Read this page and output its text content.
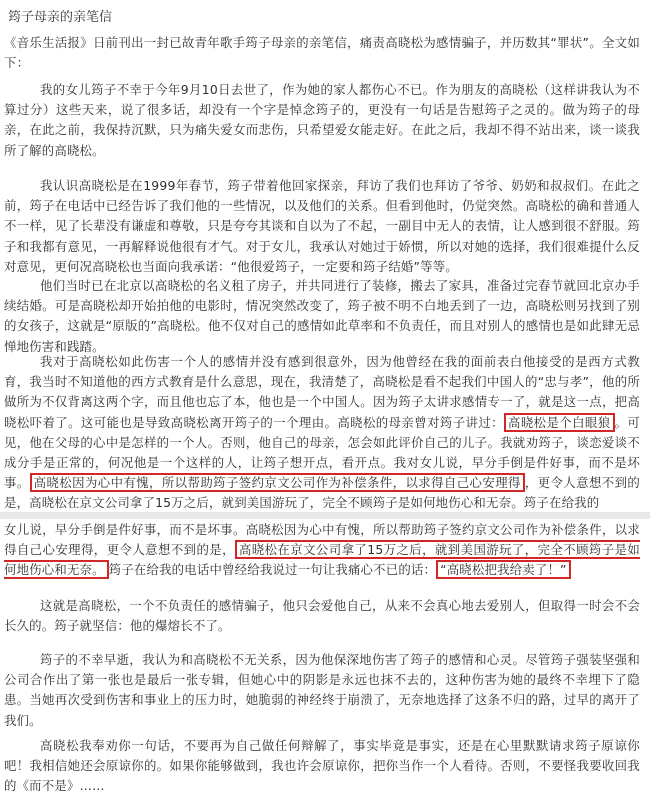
筠子母亲的亲笔信

《音乐生活报》日前刊出一封已故青年歌手筠子母亲的亲笔信，痛责高晓松为感情骗子，并历数其“罪状”。全文如下：

我的女儿筠子不幸于今年9月10日去世了，作为她的家人都伤心不已。作为朋友的高晓松（这样讲我认为不算过分）这些天来，说了很多话，却没有一个字是悼念筠子的，更没有一句话是告慰筠子之灵的。做为筠子的母亲，在此之前，我保持沉默，只为痛失爱女而悲伤，只希望爱女能走好。在此之后，我却不得不站出来，谈一谈我所了解的高晓松。

我认识高晓松是在1999年春节，筠子带着他回家探亲，拜访了我们也拜访了爷爷、奶奶和叔叔们。在此之前，筠子在电话中已经告诉了我们他的一些情况，以及他们的关系。但看到他时，仍觉突然。高晓松的确和普通人不一样，见了长辈没有谦虚和尊敬，只是夸夸其谈和自以为了不起，一副目中无人的表情，让人感到很不舒服。筠子和我都有意见，一再解释说他很有才气。对于女儿，我承认对她过于娇惯，所以对她的选择，我们很难提什么反对意见，更何况高晓松也当面向我承诺：“他很爱筠子，一定要和筠子结婚”等等。

他们当时已在北京以高晓松的名义租了房子，并共同进行了装修，搬去了家具，准备过完春节就回北京办手续结婚。可是高晓松却开始拍他的电影时，情况突然改变了，筠子被不明不白地丢到了一边，高晓松则另找到了别的女孩子，这就是“原版的”高晓松。他不仅对自己的感情如此草率和不负责任，而且对别人的感情也是如此肆无忌惮地伤害和践踏。

我对于高晓松如此伤害一个人的感情并没有感到很意外，因为他曾经在我的面前表白他接受的是西方式教育，我当时不知道他的西方式教育是什么意思，现在，我清楚了，高晓松是看不起我们中国人的“忠与孝”，他的所做所为不仅背离这两个字，而且他也忘了本，他也是一个中国人。因为筠子太讲求感情专一了，就是这一点，把高晓松吓着了。这可能也是导致高晓松离开筠子的一个理由。高晓松的母亲曾对筠子讲过： 高晓松是个白眼狼 。可见，他在父母的心中是怎样的一个人。否则，他自己的母亲，怎会如此评价自己的儿子。我就劝筠子，谈恋爱谈不成分手是正常的，何况他是一个这样的人，让筠子想开点，看开点。我对女儿说，早分手倒是件好事，而不是坏事。 高晓松因为心中有愧，所以帮助筠子签约京文公司作为补偿条件，以求得自己心安理得 ，更令人意想不到的是，高晓松在京文公司拿了15万之后，就到美国游玩了，完全不顾筠子是如何地伤心和无奈。筠子在给我的

女儿说，早分手倒是件好事，而不是坏事。高晓松因为心中有愧，所以帮助筠子签约京文公司作为补偿条件，以求得自己心安理得，更令人意想不到的是， 高晓松在京文公司拿了15万之后，就到美国游玩了，完全不顾筠子是如何地伤心和无奈。 筠子在给我的电话中曾经给我说过一句让我痛心不已的话： “高晓松把我给卖了！”

这就是高晓松，一个不负责任的感情骗子，他只会爱他自己，从来不会真心地去爱别人，但取得一时会不会长久的。筠子就坚信：他的爆熔长不了。

筠子的不幸早逝，我认为和高晓松不无关系，因为他保深地伤害了筠子的感情和心灵。尽管筠子强装坚强和公司合作出了第一张也是最后一张专辑，但她心中的阴影是永远也抹不去的，这种伤害为她的最终不幸埋下了隐患。当她再次受到伤害和事业上的压力时，她脆弱的神经终于崩溃了，无奈地选择了这条不归的路，过早的离开了我们。

高晓松我奉劝你一句话，不要再为自己做任何辩解了，事实毕竟是事实，还是在心里默默请求筠子原谅你吧！我相信她还会原谅你的。如果你能够做到，我也许会原谅你，把你当作一个人看待。否则，不要怪我要收回我的《而不是》……
